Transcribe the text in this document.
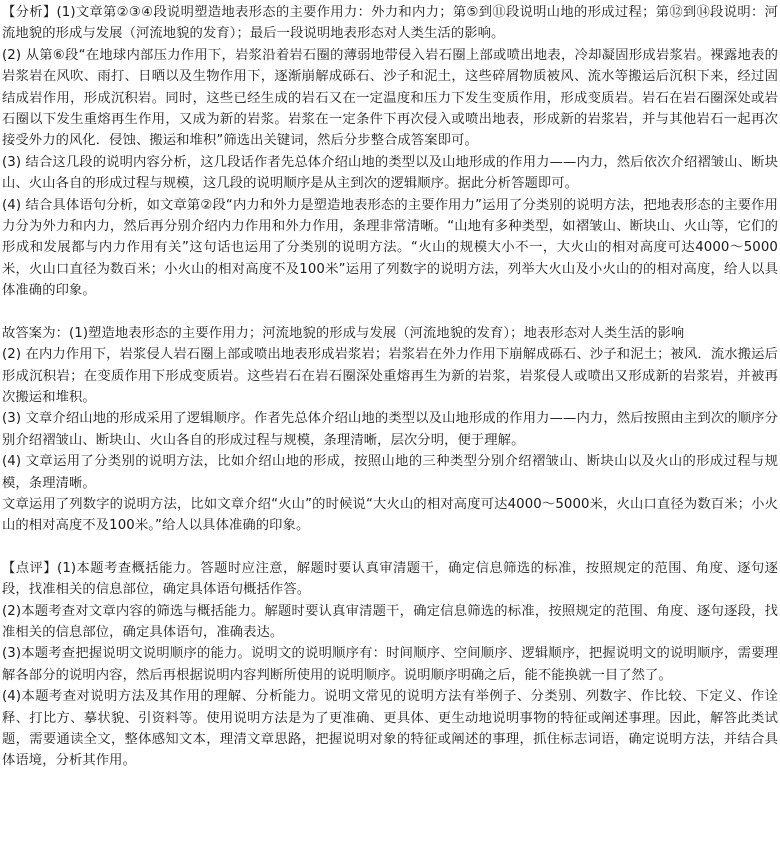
【分析】(1)文章第②③④段说明塑造地表形态的主要作用力：外力和内力；第⑤到⑪段说明山地的形成过程；第⑫到⑭段说明：河流地貌的形成与发展（河流地貌的发育）；最后一段说明地表形态对人类生活的影响。

(2) 从第⑥段“在地球内部压力作用下，岩浆沿着岩石圈的薄弱地带侵入岩石圈上部或喷出地表，冷却凝固形成岩浆岩。裸露地表的岩浆岩在风吹、雨打、日晒以及生物作用下，逐渐崩解成砾石、沙子和泥土，这些碎屑物质被风、流水等搬运后沉积下来，经过固结成岩作用，形成沉积岩。同时，这些已经生成的岩石又在一定温度和压力下发生变质作用，形成变质岩。岩石在岩石圈深处或岩石圈以下发生重熔再生作用，又成为新的岩浆。岩浆在一定条件下再次侵入或喷出地表，形成新的岩浆岩，并与其他岩石一起再次接受外力的风化．侵蚀、搬运和堆积”筛选出关键词，然后分步整合成答案即可。

(3) 结合这几段的说明内容分析，这几段话作者先总体介绍山地的类型以及山地形成的作用力——内力，然后依次介绍褶皱山、断块山、火山各自的形成过程与规模，这几段的说明顺序是从主到次的逻辑顺序。据此分析答题即可。

(4) 结合具体语句分析，如文章第②段“内力和外力是塑造地表形态的主要作用力”运用了分类别的说明方法，把地表形态的主要作用力分为外力和内力，然后再分别介绍内力作用和外力作用，条理非常清晰。“山地有多种类型，如褶皱山、断块山、火山等，它们的形成和发展都与内力作用有关”这句话也运用了分类别的说明方法。“火山的规模大小不一，大火山的相对高度可达4000～5000米，火山口直径为数百米；小火山的相对高度不及100米”运用了列数字的说明方法，列举大火山及小火山的的相对高度，给人以具体准确的印象。

故答案为：(1)塑造地表形态的主要作用力；河流地貌的形成与发展（河流地貌的发育）；地表形态对人类生活的影响

(2) 在内力作用下，岩浆侵人岩石圈上部或喷出地表形成岩浆岩；岩浆岩在外力作用下崩解成砾石、沙子和泥土；被风．流水搬运后形成沉积岩；在变质作用下形成变质岩。这些岩石在岩石圈深处重熔再生为新的岩浆，岩浆侵人或喷出又形成新的岩浆岩，并被再次搬运和堆积。

(3) 文章介绍山地的形成采用了逻辑顺序。作者先总体介绍山地的类型以及山地形成的作用力——内力，然后按照由主到次的顺序分别介绍褶皱山、断块山、火山各自的形成过程与规模，条理清晰，层次分明，便于理解。

(4) 文章运用了分类别的说明方法，比如介绍山地的形成，按照山地的三种类型分别介绍褶皱山、断块山以及火山的形成过程与规模，条理清晰。

文章运用了列数字的说明方法，比如文章介绍“火山”的时候说“大火山的相对高度可达4000～5000米，火山口直径为数百米；小火山的相对高度不及100米。”给人以具体准确的印象。

【点评】(1)本题考查概括能力。答题时应注意，解题时要认真审清题干，确定信息筛选的标准，按照规定的范围、角度、逐句逐段，找准相关的信息部位，确定具体语句概括作答。

(2)本题考查对文章内容的筛选与概括能力。解题时要认真审清题干，确定信息筛选的标准，按照规定的范围、角度、逐句逐段，找准相关的信息部位，确定具体语句，准确表达。

(3)本题考查把握说明文说明顺序的能力。说明文的说明顺序有：时间顺序、空间顺序、逻辑顺序，把握说明文的说明顺序，需要理解各部分的说明内容，然后再根据说明内容判断所使用的说明顺序。说明顺序明确之后，能不能换就一目了然了。

(4)本题考查对说明方法及其作用的理解、分析能力。说明文常见的说明方法有举例子、分类别、列数字、作比较、下定义、作诠释、打比方、摹状貌、引资料等。使用说明方法是为了更准确、更具体、更生动地说明事物的特征或阐述事理。因此，解答此类试题，需要通读全文，整体感知文本，理清文章思路，把握说明对象的特征或阐述的事理，抓住标志词语，确定说明方法，并结合具体语境，分析其作用。
